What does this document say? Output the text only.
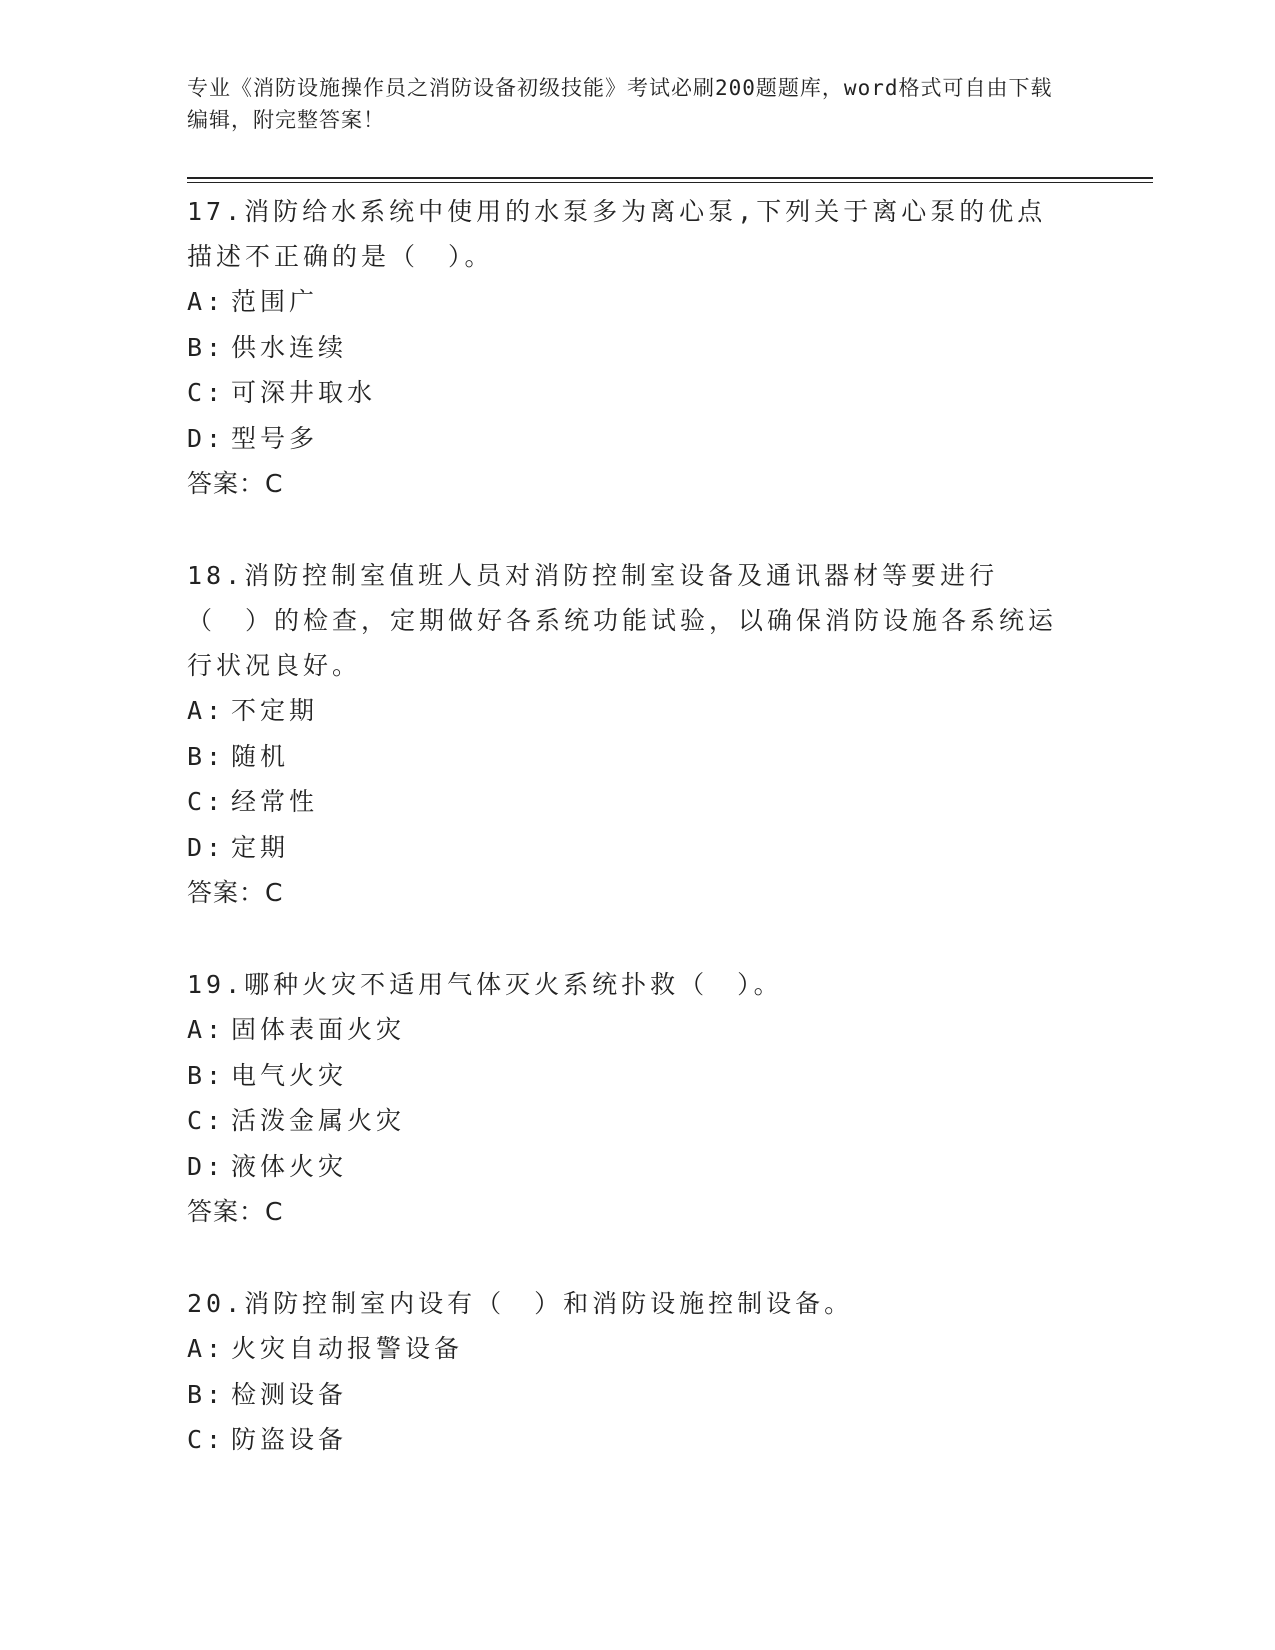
专业《消防设施操作员之消防设备初级技能》考试必刷200题题库，word格式可自由下载编辑，附完整答案！

17.消防给水系统中使用的水泵多为离心泵,下列关于离心泵的优点描述不正确的是（　）。

A: 范围广

B: 供水连续

C: 可深井取水

D: 型号多

答案：C

18.消防控制室值班人员对消防控制室设备及通讯器材等要进行（　）的检查，定期做好各系统功能试验，以确保消防设施各系统运行状况良好。

A: 不定期

B: 随机

C: 经常性

D: 定期

答案：C

19.哪种火灾不适用气体灭火系统扑救（　）。

A: 固体表面火灾

B: 电气火灾

C: 活泼金属火灾

D: 液体火灾

答案：C

20.消防控制室内设有（　）和消防设施控制设备。

A: 火灾自动报警设备

B: 检测设备

C: 防盗设备
